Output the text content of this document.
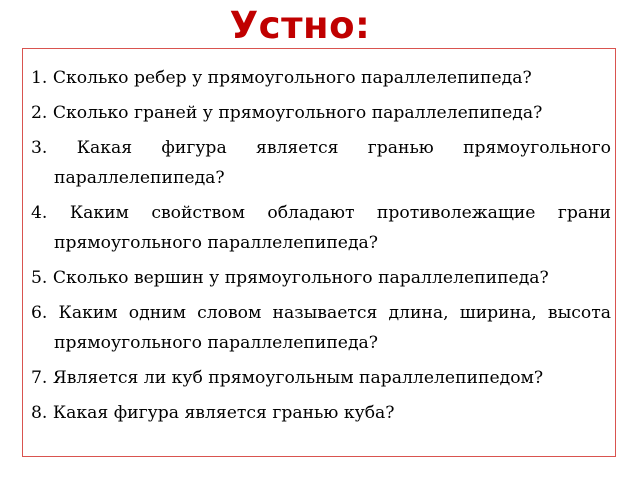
Устно:
1. Сколько ребер у прямоугольного параллелепипеда?
2. Сколько граней у прямоугольного параллелепипеда?
3. Какая фигура является гранью прямоугольного параллелепипеда?
4. Каким свойством обладают противолежащие грани прямоугольного параллелепипеда?
5. Сколько вершин у прямоугольного параллелепипеда?
6. Каким одним словом называется длина, ширина, высота прямоугольного параллелепипеда?
7. Является ли куб прямоугольным параллелепипедом?
8. Какая фигура является гранью куба?
